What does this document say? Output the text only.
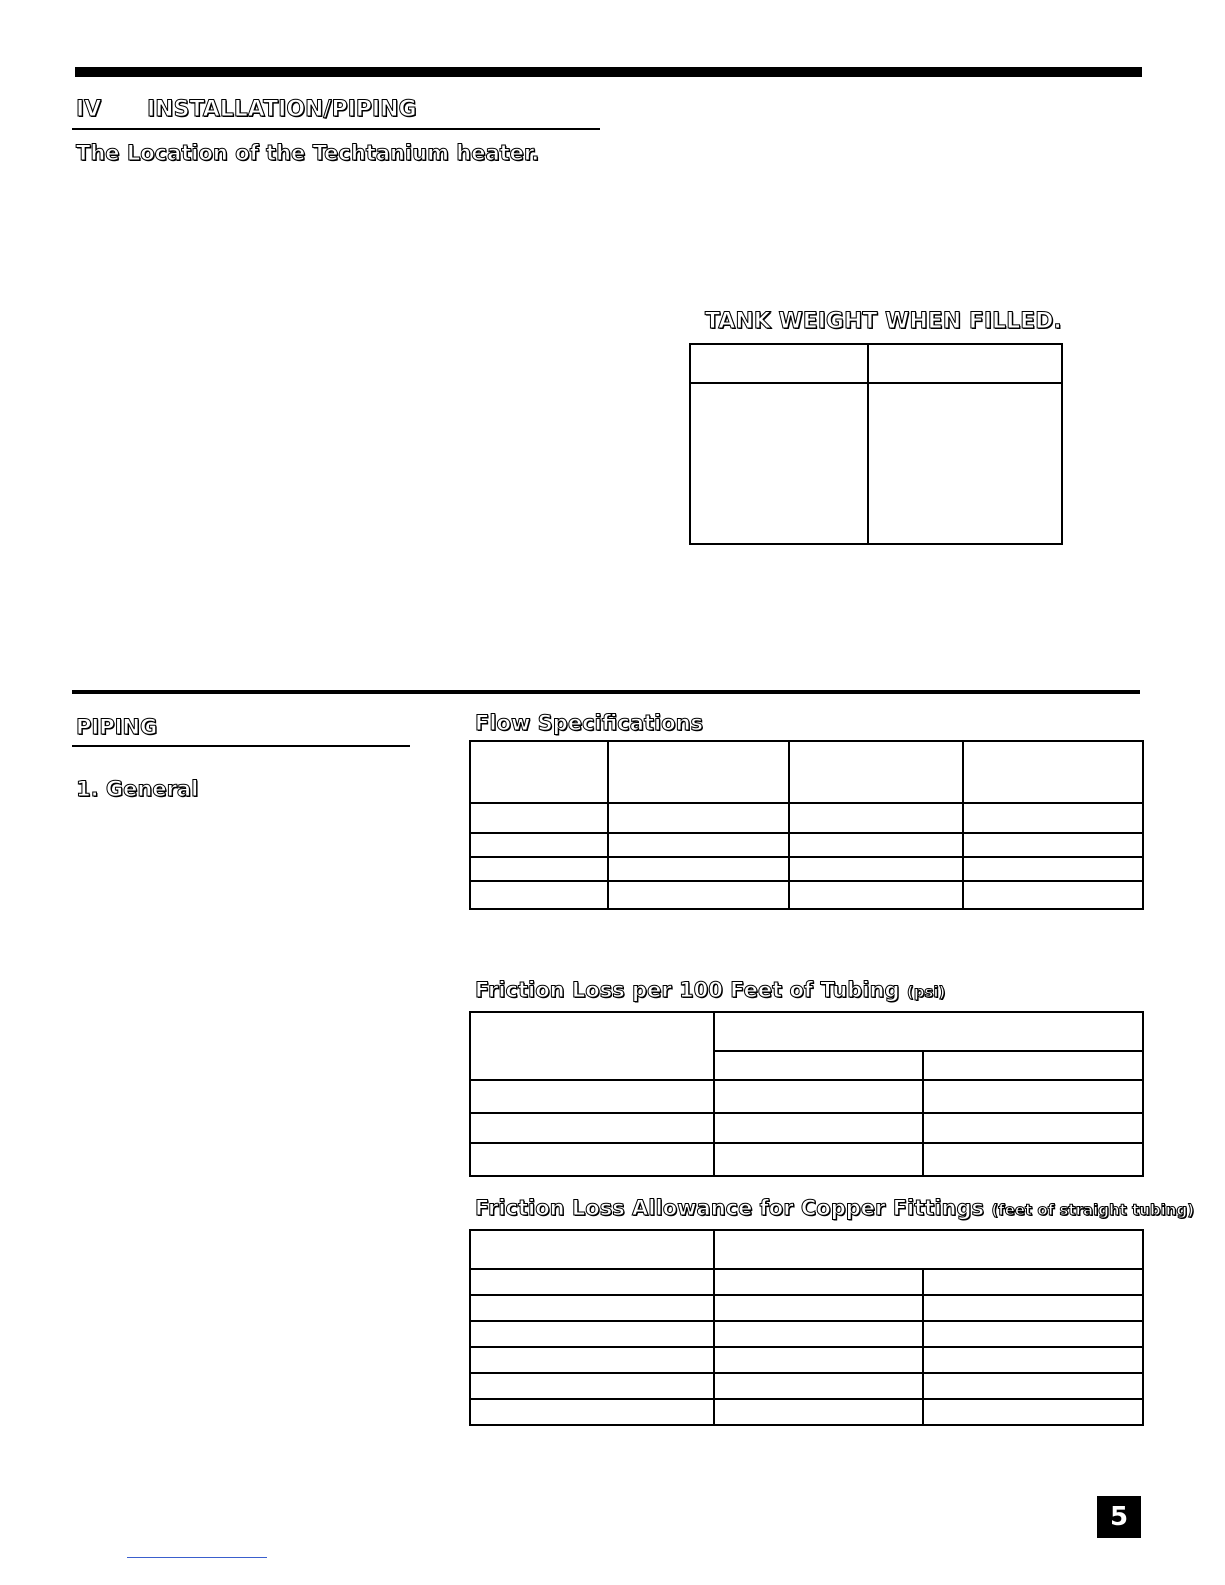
IV INSTALLATION/PIPING
The Location of the Techtanium heater.
TANK WEIGHT WHEN FILLED.
PIPING
1. General
Flow Specifications

Friction Loss per 100 Feet of Tubing (psi)

Friction Loss Allowance for Copper Fittings (feet of straight tubing)

5
